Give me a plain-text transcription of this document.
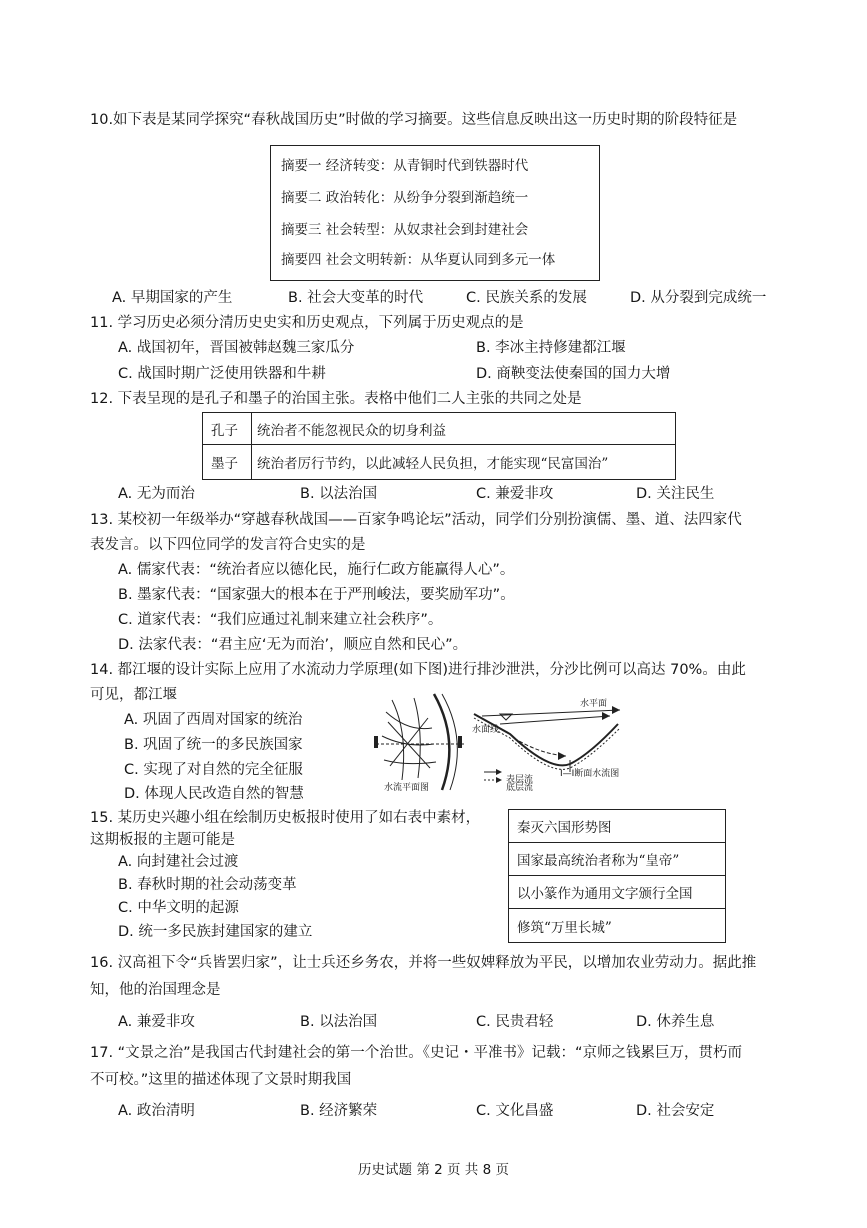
10.如下表是某同学探究“春秋战国历史”时做的学习摘要。这些信息反映出这一历史时期的阶段特征是
摘要一 经济转变：从青铜时代到铁器时代
摘要二 政治转化：从纷争分裂到渐趋统一
摘要三 社会转型：从奴隶社会到封建社会
摘要四 社会文明转新：从华夏认同到多元一体
A. 早期国家的产生	B. 社会大变革的时代	C. 民族关系的发展	D. 从分裂到完成统一
11. 学习历史必须分清历史史实和历史观点，下列属于历史观点的是
A. 战国初年，晋国被韩赵魏三家瓜分	B. 李冰主持修建都江堰
C. 战国时期广泛使用铁器和牛耕	D. 商鞅变法使秦国的国力大增
12. 下表呈现的是孔子和墨子的治国主张。表格中他们二人主张的共同之处是
孔子	统治者不能忽视民众的切身利益
墨子	统治者厉行节约，以此减轻人民负担，才能实现“民富国治”
A. 无为而治	B. 以法治国	C. 兼爱非攻	D. 关注民生
13. 某校初一年级举办“穿越春秋战国——百家争鸣论坛”活动，同学们分别扮演儒、墨、道、法四家代
表发言。以下四位同学的发言符合史实的是
A. 儒家代表：“统治者应以德化民，施行仁政方能赢得人心”。
B. 墨家代表：“国家强大的根本在于严刑峻法，要奖励军功”。
C. 道家代表：“我们应通过礼制来建立社会秩序”。
D. 法家代表：“君主应‘无为而治’，顺应自然和民心”。
14. 都江堰的设计实际上应用了水流动力学原理(如下图)进行排沙泄洪，分沙比例可以高达 70%。由此
可见，都江堰
A. 巩固了西周对国家的统治
B. 巩固了统一的多民族国家
C. 实现了对自然的完全征服
D. 体现人民改造自然的智慧	水流平面图
水平面
水面线
I—I断面水流图
表层流
底层流
15. 某历史兴趣小组在绘制历史板报时使用了如右表中素材，
这期板报的主题可能是
A. 向封建社会过渡
B. 春秋时期的社会动荡变革
C. 中华文明的起源
D. 统一多民族封建国家的建立
秦灭六国形势图
国家最高统治者称为“皇帝”
以小篆作为通用文字颁行全国
修筑“万里长城”
16. 汉高祖下令“兵皆罢归家”，让士兵还乡务农，并将一些奴婢释放为平民，以增加农业劳动力。据此推
知，他的治国理念是
A. 兼爱非攻	B. 以法治国	C. 民贵君轻	D. 休养生息
17. “文景之治”是我国古代封建社会的第一个治世。《史记・平准书》记载：“京师之钱累巨万，贯朽而
不可校。”这里的描述体现了文景时期我国
A. 政治清明	B. 经济繁荣	C. 文化昌盛	D. 社会安定
历史试题 第 2 页 共 8 页
